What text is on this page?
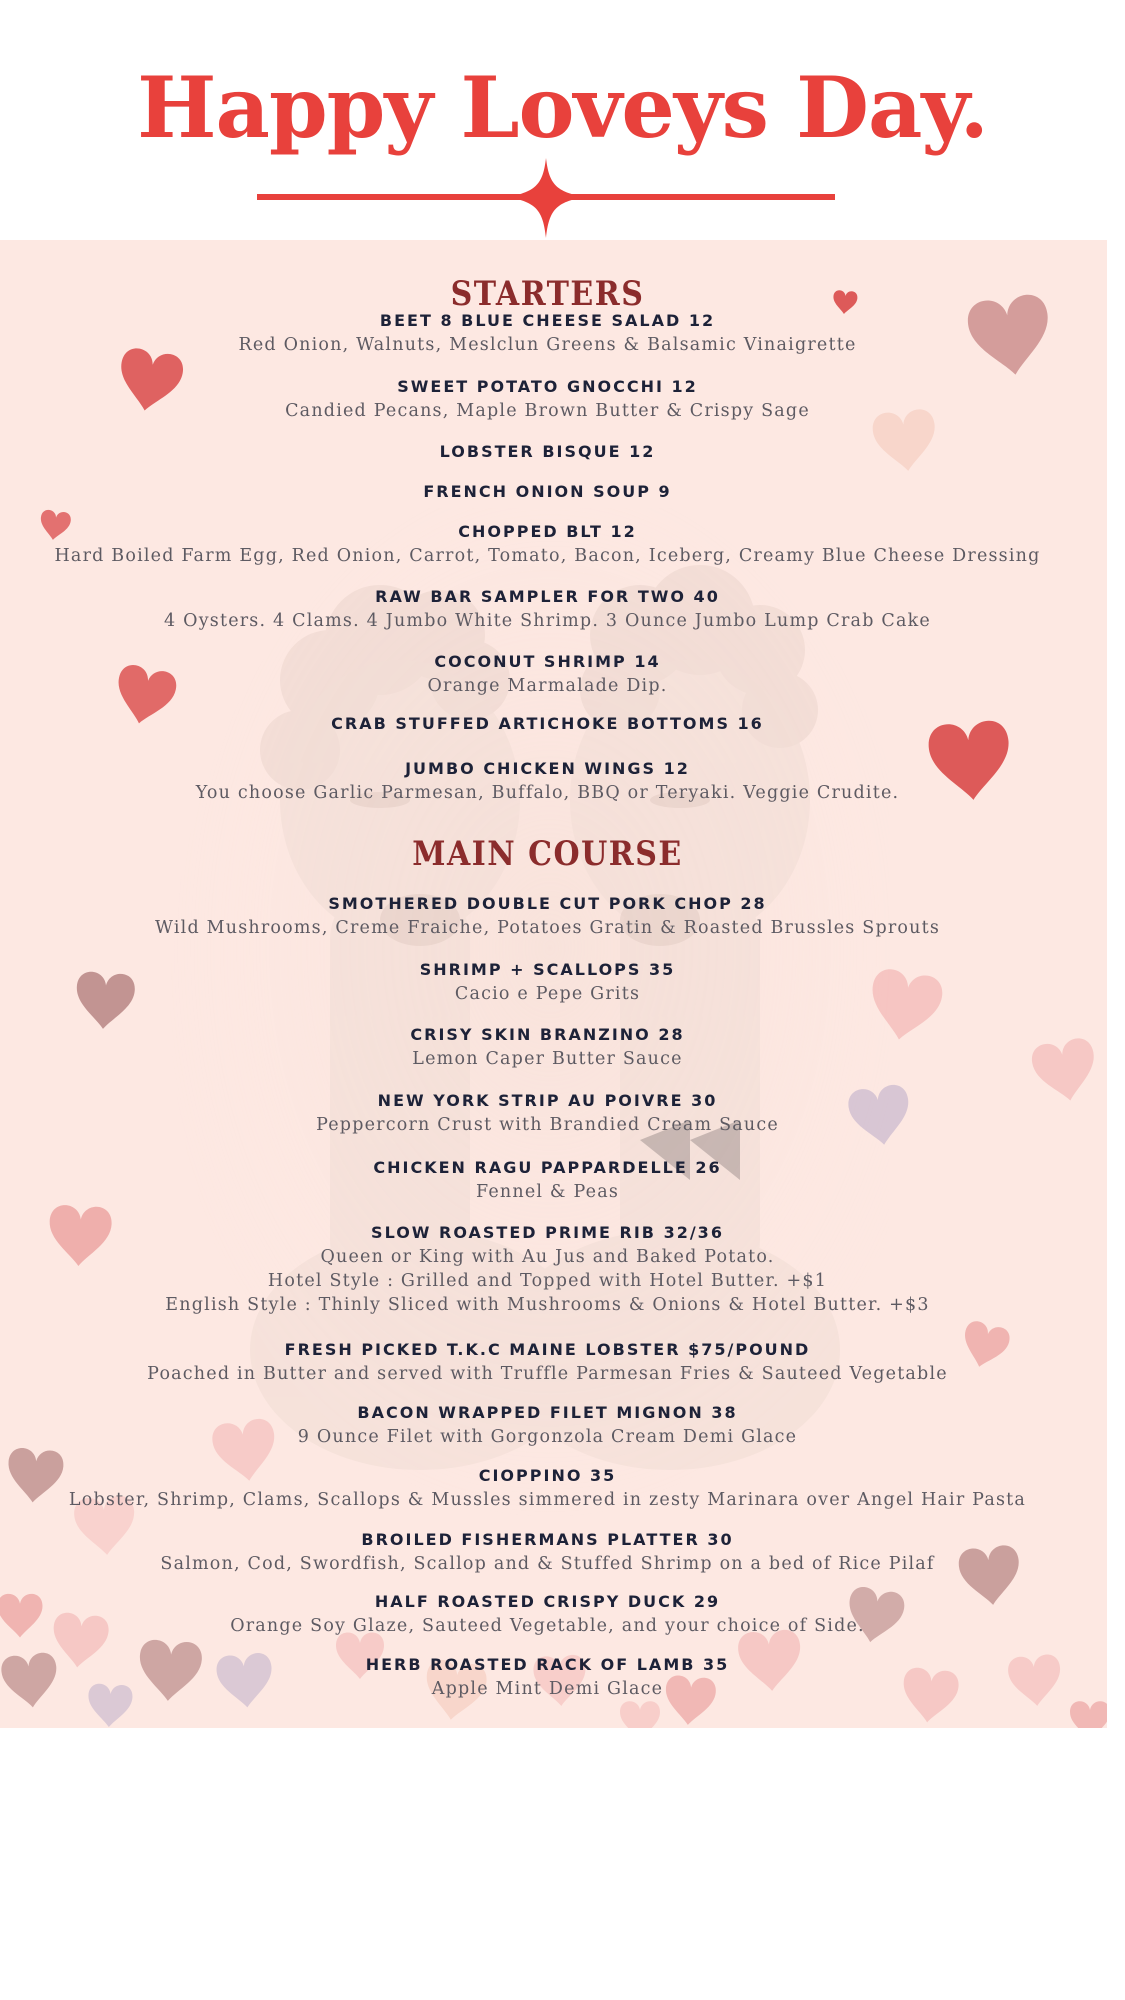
Happy Loveys Day.
STARTERS
BEET 8 BLUE CHEESE SALAD 12
Red Onion, Walnuts, Meslclun Greens & Balsamic Vinaigrette
SWEET POTATO GNOCCHI 12
Candied Pecans, Maple Brown Butter & Crispy Sage
LOBSTER BISQUE 12
FRENCH ONION SOUP 9
CHOPPED BLT 12
Hard Boiled Farm Egg, Red Onion, Carrot, Tomato, Bacon, Iceberg, Creamy Blue Cheese Dressing
RAW BAR SAMPLER FOR TWO 40
4 Oysters. 4 Clams. 4 Jumbo White Shrimp. 3 Ounce Jumbo Lump Crab Cake
COCONUT SHRIMP 14
Orange Marmalade Dip.
CRAB STUFFED ARTICHOKE BOTTOMS 16
JUMBO CHICKEN WINGS 12
You choose Garlic Parmesan, Buffalo, BBQ or Teryaki. Veggie Crudite.
MAIN COURSE
SMOTHERED DOUBLE CUT PORK CHOP 28
Wild Mushrooms, Creme Fraiche, Potatoes Gratin & Roasted Brussles Sprouts
SHRIMP + SCALLOPS 35
Cacio e Pepe Grits
CRISY SKIN BRANZINO 28
Lemon Caper Butter Sauce
NEW YORK STRIP AU POIVRE 30
Peppercorn Crust with Brandied Cream Sauce
CHICKEN RAGU PAPPARDELLE 26
Fennel & Peas
SLOW ROASTED PRIME RIB 32/36
Queen or King with Au Jus and Baked Potato.
Hotel Style : Grilled and Topped with Hotel Butter. +$1
English Style : Thinly Sliced with Mushrooms & Onions & Hotel Butter. +$3
FRESH PICKED T.K.C MAINE LOBSTER $75/POUND
Poached in Butter and served with Truffle Parmesan Fries & Sauteed Vegetable
BACON WRAPPED FILET MIGNON 38
9 Ounce Filet with Gorgonzola Cream Demi Glace
CIOPPINO 35
Lobster, Shrimp, Clams, Scallops & Mussles simmered in zesty Marinara over Angel Hair Pasta
BROILED FISHERMANS PLATTER 30
Salmon, Cod, Swordfish, Scallop and & Stuffed Shrimp on a bed of Rice Pilaf
HALF ROASTED CRISPY DUCK 29
Orange Soy Glaze, Sauteed Vegetable, and your choice of Side.
HERB ROASTED RACK OF LAMB 35
Apple Mint Demi Glace
